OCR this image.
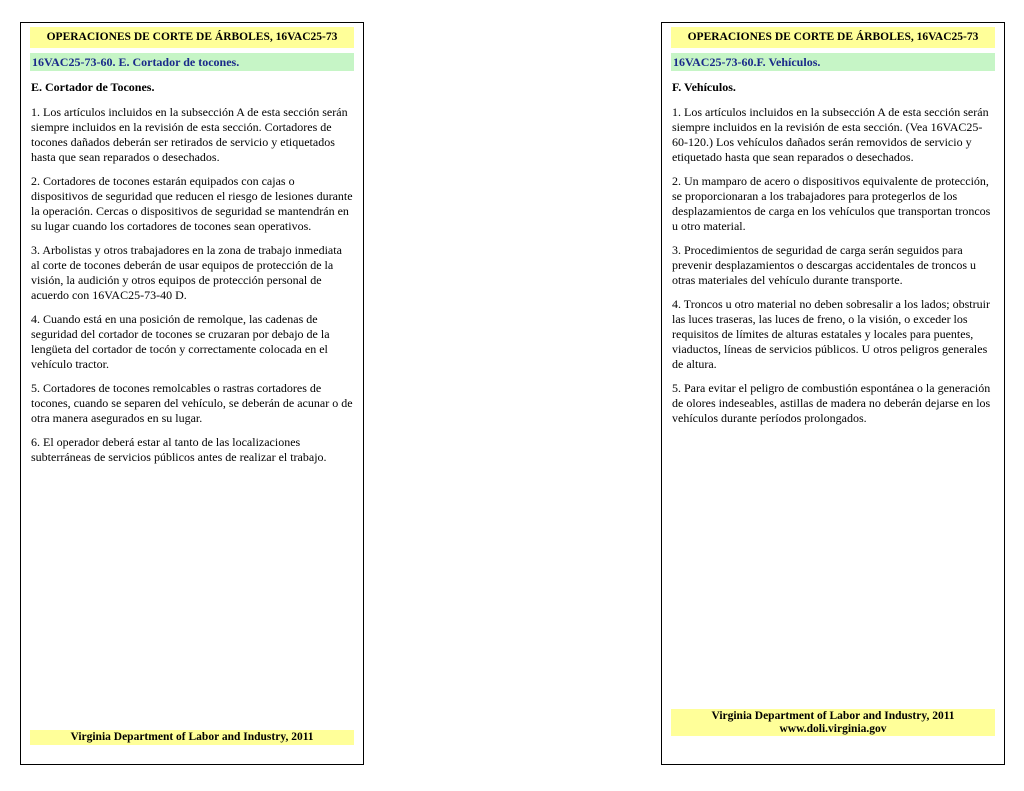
OPERACIONES DE CORTE DE ÁRBOLES, 16VAC25-73
16VAC25-73-60. E. Cortador de tocones.
E. Cortador de Tocones.

1. Los artículos incluidos en la subsección A de esta sección serán siempre incluidos en la revisión de esta sección. Cortadores de tocones dañados deberán ser retirados de servicio y etiquetados hasta que sean reparados o desechados.

2. Cortadores de tocones estarán equipados con cajas o dispositivos de seguridad que reducen el riesgo de lesiones durante la operación. Cercas o dispositivos de seguridad se mantendrán en su lugar cuando los cortadores de tocones sean operativos.

3. Arbolistas y otros trabajadores en la zona de trabajo inmediata al corte de tocones deberán de usar equipos de protección de la visión, la audición y otros equipos de protección personal de acuerdo con 16VAC25-73-40 D.

4. Cuando está en una posición de remolque, las cadenas de seguridad del cortador de tocones se cruzaran por debajo de la lengüeta del cortador de tocón y correctamente colocada en el vehículo tractor.

5. Cortadores de tocones remolcables o rastras cortadores de tocones, cuando se separen del vehículo, se deberán de acunar o de otra manera asegurados en su lugar.

6. El operador deberá estar al tanto de las localizaciones subterráneas de servicios públicos antes de realizar el trabajo.

Virginia Department of Labor and Industry, 2011
OPERACIONES DE CORTE DE ÁRBOLES, 16VAC25-73
16VAC25-73-60.F. Vehículos.
F. Vehículos.

1. Los artículos incluidos en la subsección A de esta sección serán siempre incluidos en la revisión de esta sección. (Vea 16VAC25-60-120.) Los vehículos dañados serán removidos de servicio y etiquetado hasta que sean reparados o desechados.

2. Un mamparo de acero o dispositivos equivalente de protección, se proporcionaran a los trabajadores para protegerlos de los desplazamientos de carga en los vehículos que transportan troncos u otro material.

3. Procedimientos de seguridad de carga serán seguidos para prevenir desplazamientos o descargas accidentales de troncos u otras materiales del vehículo durante transporte.

4. Troncos u otro material no deben sobresalir a los lados; obstruir las luces traseras, las luces de freno, o la visión, o exceder los requisitos de límites de alturas estatales y locales para puentes, viaductos, líneas de servicios públicos. U otros peligros generales de altura.

5. Para evitar el peligro de combustión espontánea o la generación de olores indeseables, astillas de madera no deberán dejarse en los vehículos durante períodos prolongados.

Virginia Department of Labor and Industry, 2011
www.doli.virginia.gov
